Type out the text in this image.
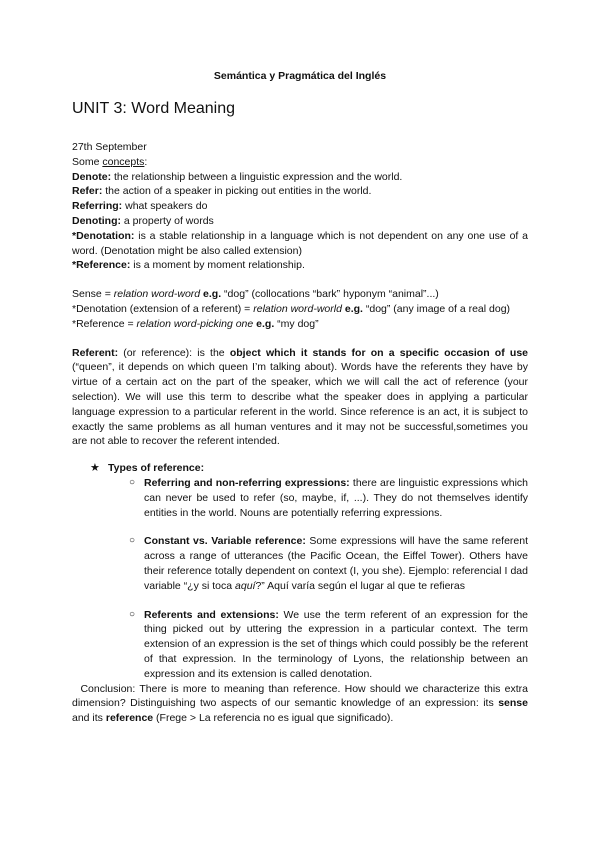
Semántica y Pragmática del Inglés
UNIT 3: Word Meaning

27th September

Some concepts:

Denote: the relationship between a linguistic expression and the world.

Refer: the action of a speaker in picking out entities in the world.

Referring: what speakers do

Denoting: a property of words

*Denotation: is a stable relationship in a language which is not dependent on any one use of a word. (Denotation might be also called extension)

*Reference: is a moment by moment relationship.

Sense = relation word-word e.g. “dog” (collocations “bark” hyponym “animal”...)

*Denotation (extension of a referent) = relation word-world e.g. “dog” (any image of a real dog)

*Reference = relation word-picking one e.g. “my dog”

Referent: (or reference): is the object which it stands for on a specific occasion of use (“queen”, it depends on which queen I’m talking about). Words have the referents they have by virtue of a certain act on the part of the speaker, which we will call the act of reference (your selection). We will use this term to describe what the speaker does in applying a particular language expression to a particular referent in the world. Since reference is an act, it is subject to exactly the same problems as all human ventures and it may not be successful,sometimes you are not able to recover the referent intended.

★ Types of reference:
○ Referring and non-referring expressions: there are linguistic expressions which can never be used to refer (so, maybe, if, ...). They do not themselves identify entities in the world. Nouns are potentially referring expressions.
○ Constant vs. Variable reference: Some expressions will have the same referent across a range of utterances (the Pacific Ocean, the Eiffel Tower). Others have their reference totally dependent on context (I, you she). Ejemplo: referencial I dad variable “¿y si toca aquí?” Aquí varía según el lugar al que te refieras
○ Referents and extensions: We use the term referent of an expression for the thing picked out by uttering the expression in a particular context. The term extension of an expression is the set of things which could possibly be the referent of that expression. In the terminology of Lyons, the relationship between an expression and its extension is called denotation.

Conclusion: There is more to meaning than reference. How should we characterize this extra dimension? Distinguishing two aspects of our semantic knowledge of an expression: its sense and its reference (Frege > La referencia no es igual que significado).
